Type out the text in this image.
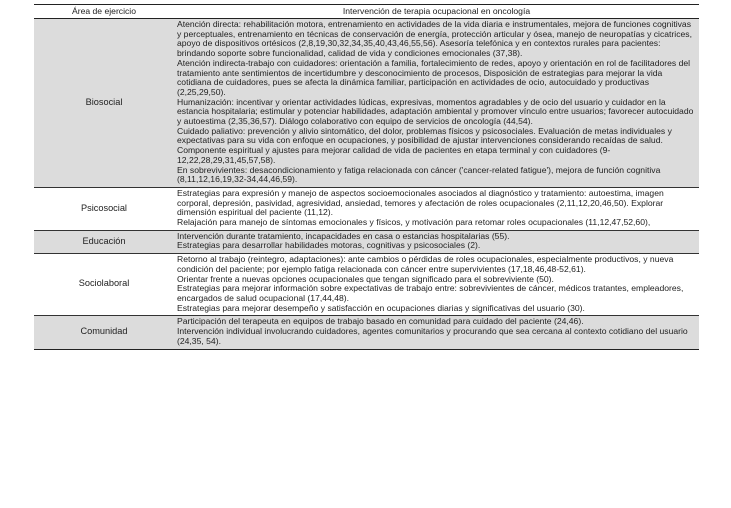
Área de ejercicio	Intervención de terapia ocupacional en oncología
Biosocial	Atención directa: rehabilitación motora, entrenamiento en actividades de la vida diaria e instrumentales, mejora de funciones cognitivas y perceptuales, entrenamiento en técnicas de conservación de energía, protección articular y ósea, manejo de neuropatías y cicatrices, apoyo de dispositivos ortésicos (2,8,19,30,32,34,35,40,43,46,55,56). Asesoría telefónica y en contextos rurales para pacientes: brindando soporte sobre funcionalidad, calidad de vida y condiciones emocionales (37,38).
Atención indirecta-trabajo con cuidadores: orientación a familia, fortalecimiento de redes, apoyo y orientación en rol de facilitadores del tratamiento ante sentimientos de incertidumbre y desconocimiento de procesos, Disposición de estrategias para mejorar la vida cotidiana de cuidadores, pues se afecta la dinámica familiar, participación en actividades de ocio, autocuidado y productivas (2,25,29,50).
Humanización: incentivar y orientar actividades lúdicas, expresivas, momentos agradables y de ocio del usuario y cuidador en la estancia hospitalaria; estimular y potenciar habilidades, adaptación ambiental y promover vínculo entre usuarios; favorecer autocuidado y autoestima (2,35,36,57). Diálogo colaborativo con equipo de servicios de oncología (44,54).
Cuidado paliativo: prevención y alivio sintomático, del dolor, problemas físicos y psicosociales. Evaluación de metas individuales y expectativas para su vida con enfoque en ocupaciones, y posibilidad de ajustar intervenciones considerando recaídas de salud. Componente espiritual y ajustes para mejorar calidad de vida de pacientes en etapa terminal y con cuidadores (9-12,22,28,29,31,45,57,58).
En sobrevivientes: desacondicionamiento y fatiga relacionada con cáncer ('cancer-related fatigue'), mejora de función cognitiva (8,11,12,16,19,32-34,44,46,59).

Psicosocial	Estrategias para expresión y manejo de aspectos socioemocionales asociados al diagnóstico y tratamiento: autoestima, imagen corporal, depresión, pasividad, agresividad, ansiedad, temores y afectación de roles ocupacionales (2,11,12,20,46,50). Explorar dimensión espiritual del paciente (11,12).
Relajación para manejo de síntomas emocionales y físicos, y motivación para retomar roles ocupacionales (11,12,47,52,60),

Educación	Intervención durante tratamiento, incapacidades en casa o estancias hospitalarias (55).
Estrategias para desarrollar habilidades motoras, cognitivas y psicosociales (2).

Sociolaboral	Retorno al trabajo (reintegro, adaptaciones): ante cambios o pérdidas de roles ocupacionales, especialmente productivos, y nueva condición del paciente; por ejemplo fatiga relacionada con cáncer entre supervivientes (17,18,46,48-52,61).
Orientar frente a nuevas opciones ocupacionales que tengan significado para el sobreviviente (50).
Estrategias para mejorar información sobre expectativas de trabajo entre: sobrevivientes de cáncer, médicos tratantes, empleadores, encargados de salud ocupacional (17,44,48).
Estrategias para mejorar desempeño y satisfacción en ocupaciones diarias y significativas del usuario (30).

Comunidad	Participación del terapeuta en equipos de trabajo basado en comunidad para cuidado del paciente (24,46).
Intervención individual involucrando cuidadores, agentes comunitarios y procurando que sea cercana al contexto cotidiano del usuario (24,35, 54).
